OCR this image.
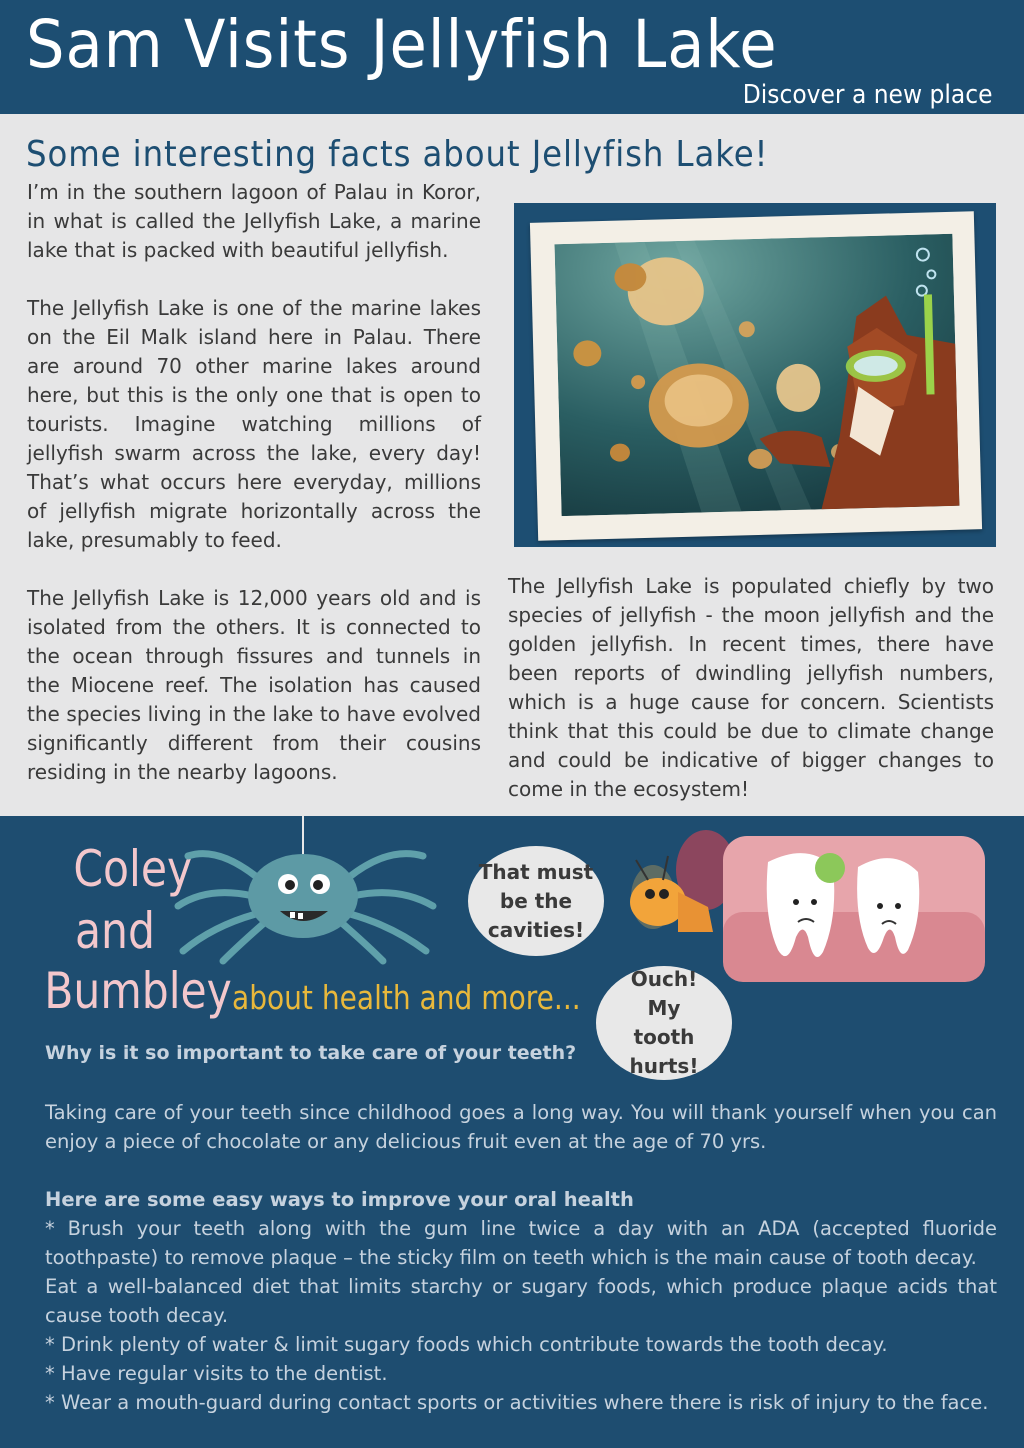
Sam Visits Jellyfish Lake
Discover a new place
Some interesting facts about Jellyfish Lake!

I’m in the southern lagoon of Palau in Koror, in what is called the Jellyfish Lake, a marine lake that is packed with beautiful jellyfish.

The Jellyfish Lake is one of the marine lakes on the Eil Malk island here in Palau. There are around 70 other marine lakes around here, but this is the only one that is open to tourists. Imagine watching millions of jellyfish swarm across the lake, every day! That’s what occurs here everyday, millions of jellyfish migrate horizontally across the lake, presumably to feed.

The Jellyfish Lake is 12,000 years old and is isolated from the others. It is connected to the ocean through fissures and tunnels in the Miocene reef. The isolation has caused the species living in the lake to have evolved significantly different from their cousins residing in the nearby lagoons.

The Jellyfish Lake is populated chiefly by two species of jellyfish - the moon jellyfish and the golden jellyfish. In recent times, there have been reports of dwindling jellyfish numbers, which is a huge cause for concern. Scientists think that this could be due to climate change and could be indicative of bigger changes to come in the ecosystem!

Coley
and
Bumbley about health and more...
That must be the cavities!
Ouch! My tooth hurts!
Why is it so important to take care of your teeth?

Taking care of your teeth since childhood goes a long way. You will thank yourself when you can enjoy a piece of chocolate or any delicious fruit even at the age of 70 yrs.

Here are some easy ways to improve your oral health

* Brush your teeth along with the gum line twice a day with an ADA (accepted fluoride toothpaste) to remove plaque – the sticky film on teeth which is the main cause of tooth decay.

Eat a well-balanced diet that limits starchy or sugary foods, which produce plaque acids that cause tooth decay.

* Drink plenty of water & limit sugary foods which contribute towards the tooth decay.

* Have regular visits to the dentist.

* Wear a mouth-guard during contact sports or activities where there is risk of injury to the face.
